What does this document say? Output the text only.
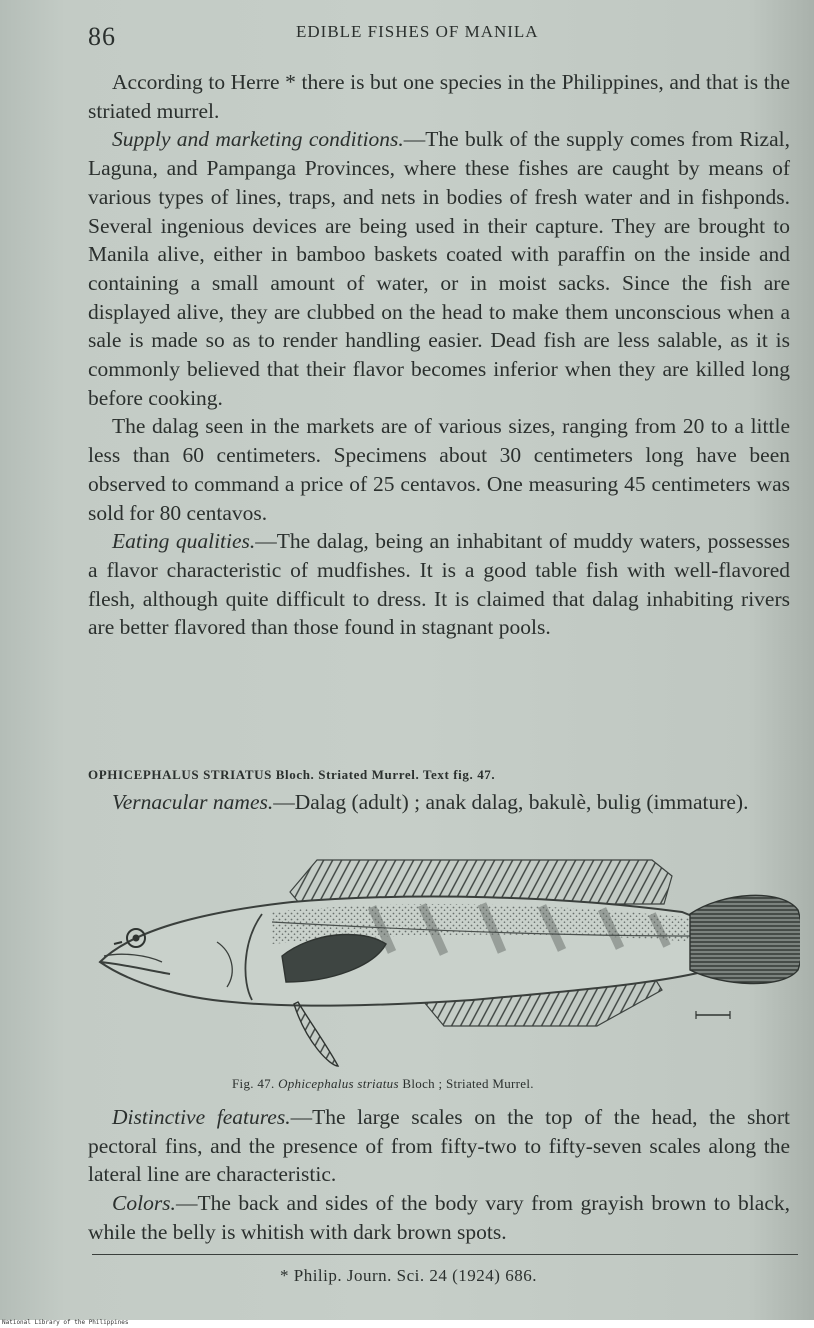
86	EDIBLE FISHES OF MANILA

According to Herre * there is but one species in the Philippines, and that is the striated murrel.

Supply and marketing conditions.—The bulk of the supply comes from Rizal, Laguna, and Pampanga Provinces, where these fishes are caught by means of various types of lines, traps, and nets in bodies of fresh water and in fishponds. Several ingenious devices are being used in their capture. They are brought to Manila alive, either in bamboo baskets coated with paraffin on the inside and containing a small amount of water, or in moist sacks. Since the fish are displayed alive, they are clubbed on the head to make them unconscious when a sale is made so as to render handling easier. Dead fish are less salable, as it is commonly believed that their flavor becomes inferior when they are killed long before cooking.

The dalag seen in the markets are of various sizes, ranging from 20 to a little less than 60 centimeters. Specimens about 30 centimeters long have been observed to command a price of 25 centavos. One measuring 45 centimeters was sold for 80 centavos.

Eating qualities.—The dalag, being an inhabitant of muddy waters, possesses a flavor characteristic of mudfishes. It is a good table fish with well-flavored flesh, although quite difficult to dress. It is claimed that dalag inhabiting rivers are better flavored than those found in stagnant pools.

OPHICEPHALUS STRIATUS Bloch. Striated Murrel. Text fig. 47.

Vernacular names.—Dalag (adult) ; anak dalag, bakulè, bulig (immature).

Fig. 47. Ophicephalus striatus Bloch ; Striated Murrel.

Distinctive features.—The large scales on the top of the head, the short pectoral fins, and the presence of from fifty-two to fifty-seven scales along the lateral line are characteristic.

Colors.—The back and sides of the body vary from grayish brown to black, while the belly is whitish with dark brown spots.

* Philip. Journ. Sci. 24 (1924) 686.
National Library of the Philippines
